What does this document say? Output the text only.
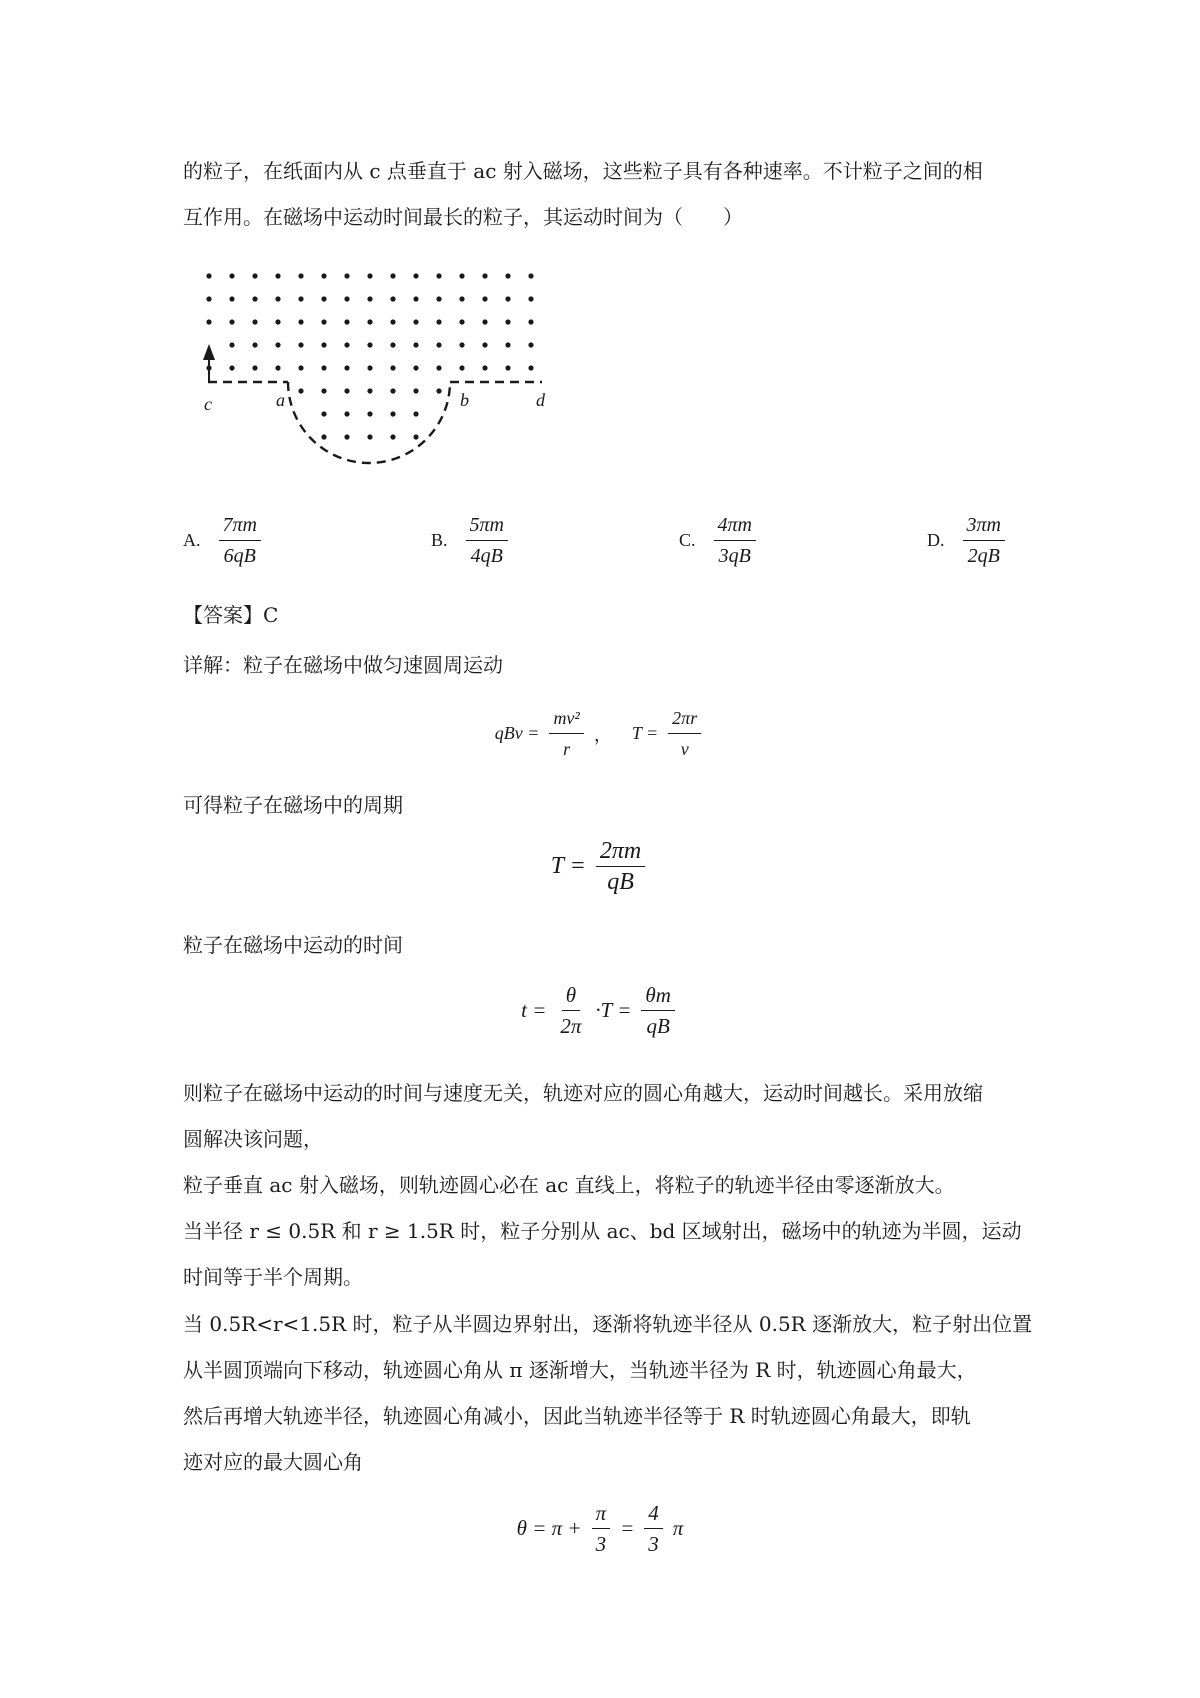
的粒子，在纸面内从 c 点垂直于 ac 射入磁场，这些粒子具有各种速率。不计粒子之间的相
互作用。在磁场中运动时间最长的粒子，其运动时间为（　　）
c	a	b	d
A. $\frac{7\pi m}{6qB}$	B. $\frac{5\pi m}{4qB}$	C. $\frac{4\pi m}{3qB}$	D. $\frac{3\pi m}{2qB}$
【答案】C
详解：粒子在磁场中做匀速圆周运动
qBv = $\frac{\text{mv²}}{r}$ ， $T = \frac{2\pi r}{v}$
可得粒子在磁场中的周期
$T = \frac{2\pi m}{qB}$
粒子在磁场中运动的时间
$t = \frac{\theta}{2\pi} \cdot T = \frac{\theta m}{qB}$
则粒子在磁场中运动的时间与速度无关，轨迹对应的圆心角越大，运动时间越长。采用放缩
圆解决该问题，
粒子垂直 ac 射入磁场，则轨迹圆心必在 ac 直线上，将粒子的轨迹半径由零逐渐放大。
当半径 r ≤ 0.5R 和 r ≥ 1.5R 时，粒子分别从 ac、bd 区域射出，磁场中的轨迹为半圆，运动
时间等于半个周期。
当 0.5R<r<1.5R 时，粒子从半圆边界射出，逐渐将轨迹半径从 0.5R 逐渐放大，粒子射出位置
从半圆顶端向下移动，轨迹圆心角从 π 逐渐增大，当轨迹半径为 R 时，轨迹圆心角最大，
然后再增大轨迹半径，轨迹圆心角减小，因此当轨迹半径等于 R 时轨迹圆心角最大，即轨
迹对应的最大圆心角
$\theta = \pi + \frac{\pi}{3} = \frac{4}{3}$ π
